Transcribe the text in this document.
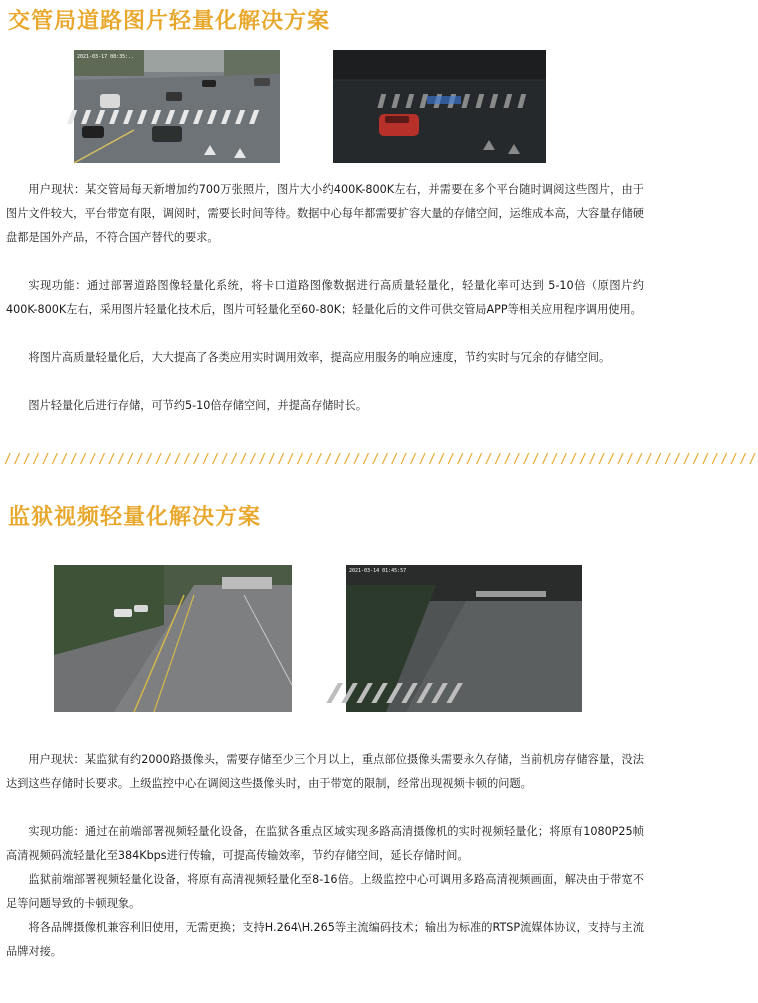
交管局道路图片轻量化解决方案
2021-03-17 08:35:..

用户现状：某交管局每天新增加约700万张照片，图片大小约400K-800K左右，并需要在多个平台随时调阅这些图片，由于图片文件较大，平台带宽有限，调阅时，需要长时间等待。数据中心每年都需要扩容大量的存储空间，运维成本高，大容量存储硬盘都是国外产品，不符合国产替代的要求。

实现功能：通过部署道路图像轻量化系统，将卡口道路图像数据进行高质量轻量化，轻量化率可达到 5-10倍（原图片约400K-800K左右，采用图片轻量化技术后，图片可轻量化至60-80K；轻量化后的文件可供交管局APP等相关应用程序调用使用。

将图片高质量轻量化后，大大提高了各类应用实时调用效率，提高应用服务的响应速度，节约实时与冗余的存储空间。

图片轻量化后进行存储，可节约5-10倍存储空间，并提高存储时长。

////////////////////////////////////////////////////////////////////////////////
监狱视频轻量化解决方案
2021-03-14 01:45:57

用户现状：某监狱有约2000路摄像头，需要存储至少三个月以上，重点部位摄像头需要永久存储，当前机房存储容量，没法达到这些存储时长要求。上级监控中心在调阅这些摄像头时，由于带宽的限制，经常出现视频卡顿的问题。

实现功能：通过在前端部署视频轻量化设备，在监狱各重点区域实现多路高清摄像机的实时视频轻量化；将原有1080P25帧高清视频码流轻量化至384Kbps进行传输，可提高传输效率，节约存储空间，延长存储时间。

监狱前端部署视频轻量化设备，将原有高清视频轻量化至8-16倍。上级监控中心可调用多路高清视频画面，解决由于带宽不足等问题导致的卡顿现象。

将各品牌摄像机兼容利旧使用，无需更换；支持H.264\H.265等主流编码技术；输出为标准的RTSP流媒体协议，支持与主流品牌对接。
